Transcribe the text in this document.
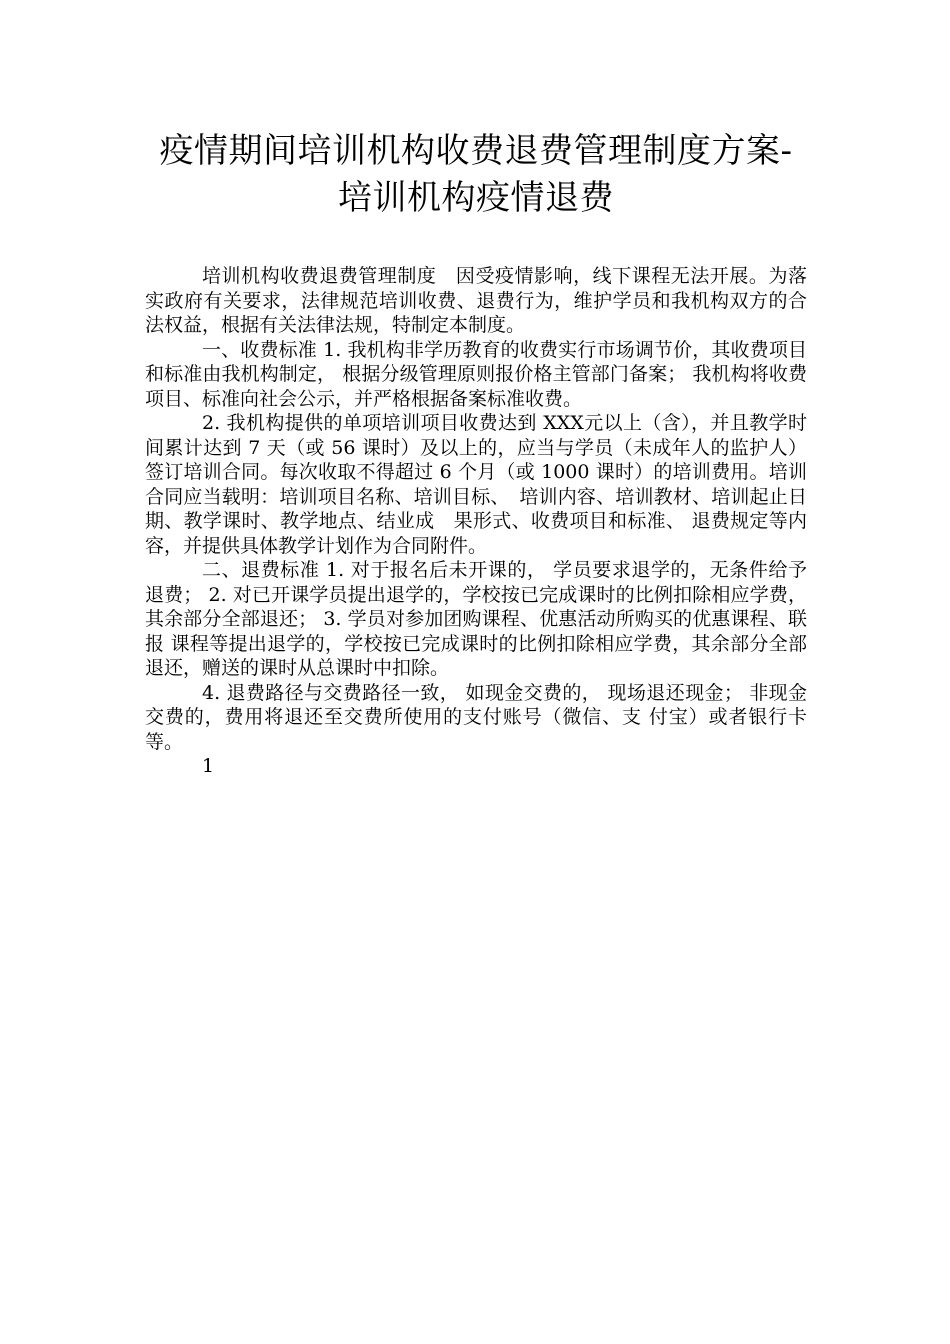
疫情期间培训机构收费退费管理制度方案-
培训机构疫情退费

培训机构收费退费管理制度　因受疫情影响，线下课程无法开展。为落实政府有关要求，法律规范培训收费、退费行为，维护学员和我机构双方的合法权益，根据有关法律法规，特制定本制度。

一、收费标准 1. 我机构非学历教育的收费实行市场调节价，其收费项目和标准由我机构制定， 根据分级管理原则报价格主管部门备案； 我机构将收费项目、标准向社会公示，并严格根据备案标准收费。

2. 我机构提供的单项培训项目收费达到 XXX元以上（含），并且教学时间累计达到 7 天（或 56 课时）及以上的，应当与学员（未成年人的监护人）签订培训合同。每次收取不得超过 6 个月（或 1000 课时）的培训费用。培训合同应当载明：培训项目名称、培训目标、　培训内容、培训教材、培训起止日期、教学课时、教学地点、结业成　果形式、收费项目和标准、 退费规定等内容，并提供具体教学计划作为合同附件。

二、退费标准 1. 对于报名后未开课的， 学员要求退学的，无条件给予退费； 2. 对已开课学员提出退学的，学校按已完成课时的比例扣除相应学费，其余部分全部退还； 3. 学员对参加团购课程、优惠活动所购买的优惠课程、联报 课程等提出退学的，学校按已完成课时的比例扣除相应学费，其余部分全部退还，赠送的课时从总课时中扣除。

4. 退费路径与交费路径一致， 如现金交费的， 现场退还现金； 非现金交费的，费用将退还至交费所使用的支付账号（微信、支 付宝）或者银行卡等。

1
